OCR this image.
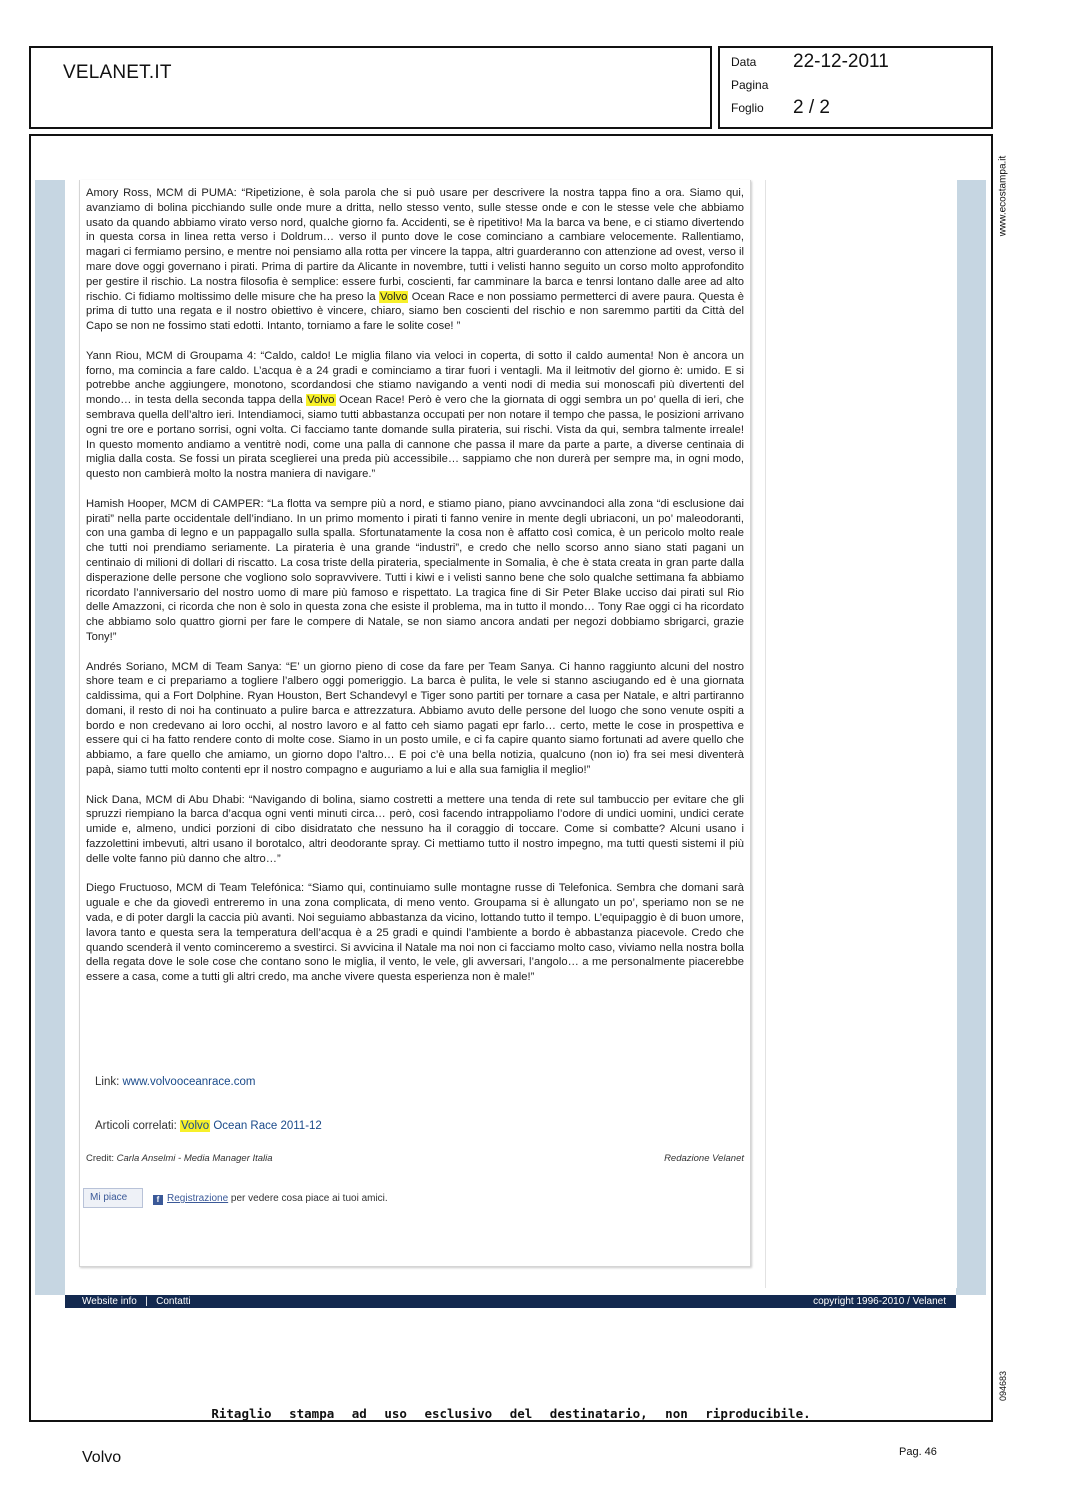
VELANET.IT	Data 22-12-2011
Pagina
Foglio 2 / 2
www.ecostampa.it
094683

Amory Ross, MCM di PUMA: “Ripetizione, è sola parola che si può usare per descrivere la nostra tappa fino a ora. Siamo qui, avanziamo di bolina picchiando sulle onde mure a dritta, nello stesso vento, sulle stesse onde e con le stesse vele che abbiamo usato da quando abbiamo virato verso nord, qualche giorno fa. Accidenti, se è ripetitivo! Ma la barca va bene, e ci stiamo divertendo in questa corsa in linea retta verso i Doldrum… verso il punto dove le cose cominciano a cambiare velocemente. Rallentiamo, magari ci fermiamo persino, e mentre noi pensiamo alla rotta per vincere la tappa, altri guarderanno con attenzione ad ovest, verso il mare dove oggi governano i pirati. Prima di partire da Alicante in novembre, tutti i velisti hanno seguito un corso molto approfondito per gestire il rischio. La nostra filosofia è semplice: essere furbi, coscienti, far camminare la barca e tenrsi lontano dalle aree ad alto rischio. Ci fidiamo moltissimo delle misure che ha preso la Volvo Ocean Race e non possiamo permetterci di avere paura. Questa è prima di tutto una regata e il nostro obiettivo è vincere, chiaro, siamo ben coscienti del rischio e non saremmo partiti da Città del Capo se non ne fossimo stati edotti. Intanto, torniamo a fare le solite cose! ”

Yann Riou, MCM di Groupama 4: “Caldo, caldo! Le miglia filano via veloci in coperta, di sotto il caldo aumenta! Non è ancora un forno, ma comincia a fare caldo. L’acqua è a 24 gradi e cominciamo a tirar fuori i ventagli. Ma il leitmotiv del giorno è: umido. E si potrebbe anche aggiungere, monotono, scordandosi che stiamo navigando a venti nodi di media sui monoscafi più divertenti del mondo… in testa della seconda tappa della Volvo Ocean Race! Però è vero che la giornata di oggi sembra un po’ quella di ieri, che sembrava quella dell’altro ieri. Intendiamoci, siamo tutti abbastanza occupati per non notare il tempo che passa, le posizioni arrivano ogni tre ore e portano sorrisi, ogni volta. Ci facciamo tante domande sulla pirateria, sui rischi. Vista da qui, sembra talmente irreale! In questo momento andiamo a ventitrè nodi, come una palla di cannone che passa il mare da parte a parte, a diverse centinaia di miglia dalla costa. Se fossi un pirata sceglierei una preda più accessibile… sappiamo che non durerà per sempre ma, in ogni modo, questo non cambierà molto la nostra maniera di navigare.”

Hamish Hooper, MCM di CAMPER: “La flotta va sempre più a nord, e stiamo piano, piano avvcinandoci alla zona “di esclusione dai pirati” nella parte occidentale dell’indiano. In un primo momento i pirati ti fanno venire in mente degli ubriaconi, un po’ maleodoranti, con una gamba di legno e un pappagallo sulla spalla. Sfortunatamente la cosa non è affatto così comica, è un pericolo molto reale che tutti noi prendiamo seriamente. La pirateria è una grande “industri”, e credo che nello scorso anno siano stati pagani un centinaio di milioni di dollari di riscatto. La cosa triste della pirateria, specialmente in Somalia, è che è stata creata in gran parte dalla disperazione delle persone che vogliono solo sopravvivere. Tutti i kiwi e i velisti sanno bene che solo qualche settimana fa abbiamo ricordato l’anniversario del nostro uomo di mare più famoso e rispettato. La tragica fine di Sir Peter Blake ucciso dai pirati sul Rio delle Amazzoni, ci ricorda che non è solo in questa zona che esiste il problema, ma in tutto il mondo… Tony Rae oggi ci ha ricordato che abbiamo solo quattro giorni per fare le compere di Natale, se non siamo ancora andati per negozi dobbiamo sbrigarci, grazie Tony!”

Andrés Soriano, MCM di Team Sanya: “E’ un giorno pieno di cose da fare per Team Sanya. Ci hanno raggiunto alcuni del nostro shore team e ci prepariamo a togliere l’albero oggi pomeriggio. La barca è pulita, le vele si stanno asciugando ed è una giornata caldissima, qui a Fort Dolphine. Ryan Houston, Bert Schandevyl e Tiger sono partiti per tornare a casa per Natale, e altri partiranno domani, il resto di noi ha continuato a pulire barca e attrezzatura. Abbiamo avuto delle persone del luogo che sono venute ospiti a bordo e non credevano ai loro occhi, al nostro lavoro e al fatto ceh siamo pagati epr farlo… certo, mette le cose in prospettiva e essere qui ci ha fatto rendere conto di molte cose. Siamo in un posto umile, e ci fa capire quanto siamo fortunati ad avere quello che abbiamo, a fare quello che amiamo, un giorno dopo l’altro… E poi c’è una bella notizia, qualcuno (non io) fra sei mesi diventerà papà, siamo tutti molto contenti epr il nostro compagno e auguriamo a lui e alla sua famiglia il meglio!”

Nick Dana, MCM di Abu Dhabi: “Navigando di bolina, siamo costretti a mettere una tenda di rete sul tambuccio per evitare che gli spruzzi riempiano la barca d’acqua ogni venti minuti circa… però, così facendo intrappoliamo l’odore di undici uomini, undici cerate umide e, almeno, undici porzioni di cibo disidratato che nessuno ha il coraggio di toccare. Come si combatte? Alcuni usano i fazzolettini imbevuti, altri usano il borotalco, altri deodorante spray. Ci mettiamo tutto il nostro impegno, ma tutti questi sistemi il più delle volte fanno più danno che altro…”

Diego Fructuoso, MCM di Team Telefónica: “Siamo qui, continuiamo sulle montagne russe di Telefonica. Sembra che domani sarà uguale e che da giovedì entreremo in una zona complicata, di meno vento. Groupama si è allungato un po’, speriamo non se ne vada, e di poter dargli la caccia più avanti. Noi seguiamo abbastanza da vicino, lottando tutto il tempo. L’equipaggio è di buon umore, lavora tanto e questa sera la temperatura dell’acqua è a 25 gradi e quindi l’ambiente a bordo è abbastanza piacevole. Credo che quando scenderà il vento cominceremo a svestirci. Si avvicina il Natale ma noi non ci facciamo molto caso, viviamo nella nostra bolla della regata dove le sole cose che contano sono le miglia, il vento, le vele, gli avversari, l’angolo… a me personalmente piacerebbe essere a casa, come a tutti gli altri credo, ma anche vivere questa esperienza non è male!”

Link: www.volvooceanrace.com
Articoli correlati: Volvo Ocean Race 2011-12
Credit: Carla Anselmi - Media Manager Italia	Redazione Velanet
Mi piace	f Registrazione per vedere cosa piace ai tuoi amici.
Website info | Contatti	copyright 1996-2010 / Velanet
Ritaglio stampa ad uso esclusivo del destinatario, non riproducibile.
Volvo	Pag. 46
